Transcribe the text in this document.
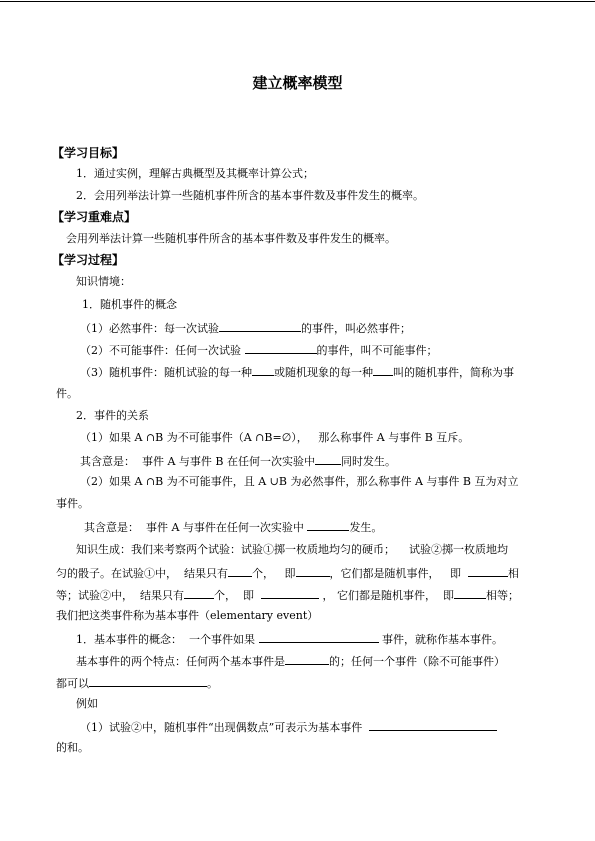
建立概率模型
【学习目标】
1．通过实例，理解古典概型及其概率计算公式；
2．会用列举法计算一些随机事件所含的基本事件数及事件发生的概率。
【学习重难点】
会用列举法计算一些随机事件所含的基本事件数及事件发生的概率。
【学习过程】
知识情境：
1．随机事件的概念
（1）必然事件：每一次试验	的事件，叫必然事件；
（2）不可能事件：任何一次试验	的事件，叫不可能事件；
（3）随机事件：随机试验的每一种 或随机现象的每一种 叫的随机事件，简称为事
件。
2．事件的关系
（1）如果 A ∩B 为不可能事件（A ∩B=∅）， 那么称事件 A 与事件 B 互斥。
其含意是： 事件 A 与事件 B 在任何一次实验中 同时发生。
（2）如果 A ∩B 为不可能事件，且 A ∪B 为必然事件，那么称事件 A 与事件 B 互为对立
事件。
其含意是： 事件 A 与事件在任何一次实验中	发生。
知识生成：我们来考察两个试验：试验①掷一枚质地均匀的硬币； 试验②掷一枚质地均
匀的骰子。在试验①中， 结果只有 个， 即	，它们都是随机事件， 即	相
等；试验②中， 结果只有	个， 即	， 它们都是随机事件， 即	相等；
我们把这类事件称为基本事件（elementary event）
1．基本事件的概念： 一个事件如果	事件，就称作基本事件。
基本事件的两个特点：任何两个基本事件是	的；任何一个事件（除不可能事件）
都可以	。
例如
（1）试验②中，随机事件“出现偶数点”可表示为基本事件
的和。
